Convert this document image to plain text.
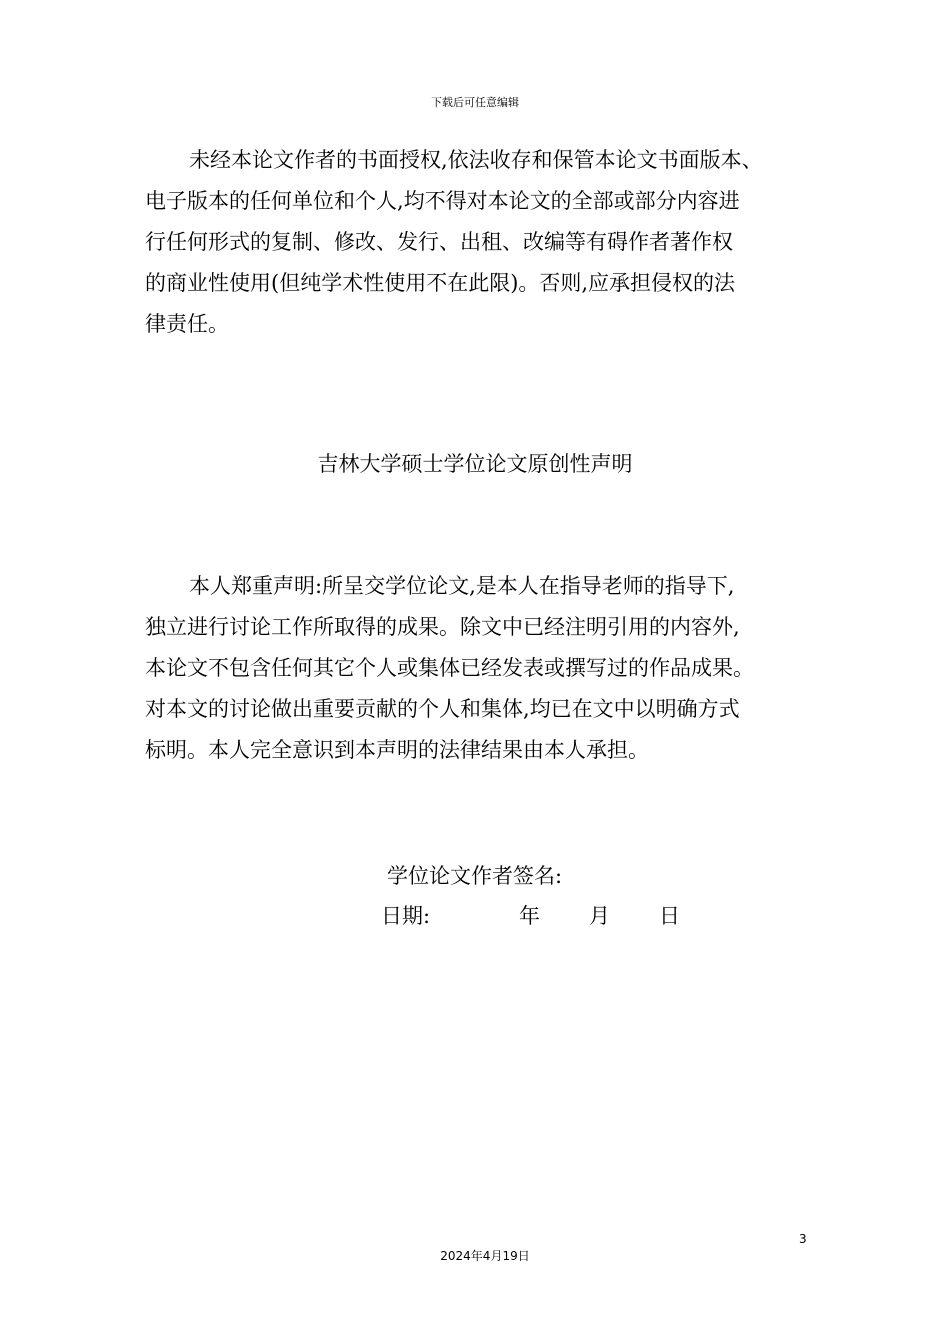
下载后可任意编辑

未经本论文作者的书面授权,依法收存和保管本论文书面版本、
电子版本的任何单位和个人,均不得对本论文的全部或部分内容进
行任何形式的复制、修改、发行、出租、改编等有碍作者著作权
的商业性使用(但纯学术性使用不在此限)。否则,应承担侵权的法
律责任。

吉林大学硕士学位论文原创性声明

本人郑重声明:所呈交学位论文,是本人在指导老师的指导下,
独立进行讨论工作所取得的成果。除文中已经注明引用的内容外,
本论文不包含任何其它个人或集体已经发表或撰写过的作品成果。
对本文的讨论做出重要贡献的个人和集体,均已在文中以明确方式
标明。本人完全意识到本声明的法律结果由本人承担。

学位论文作者签名:
日期:	年 月 日
3
2024年4月19日
